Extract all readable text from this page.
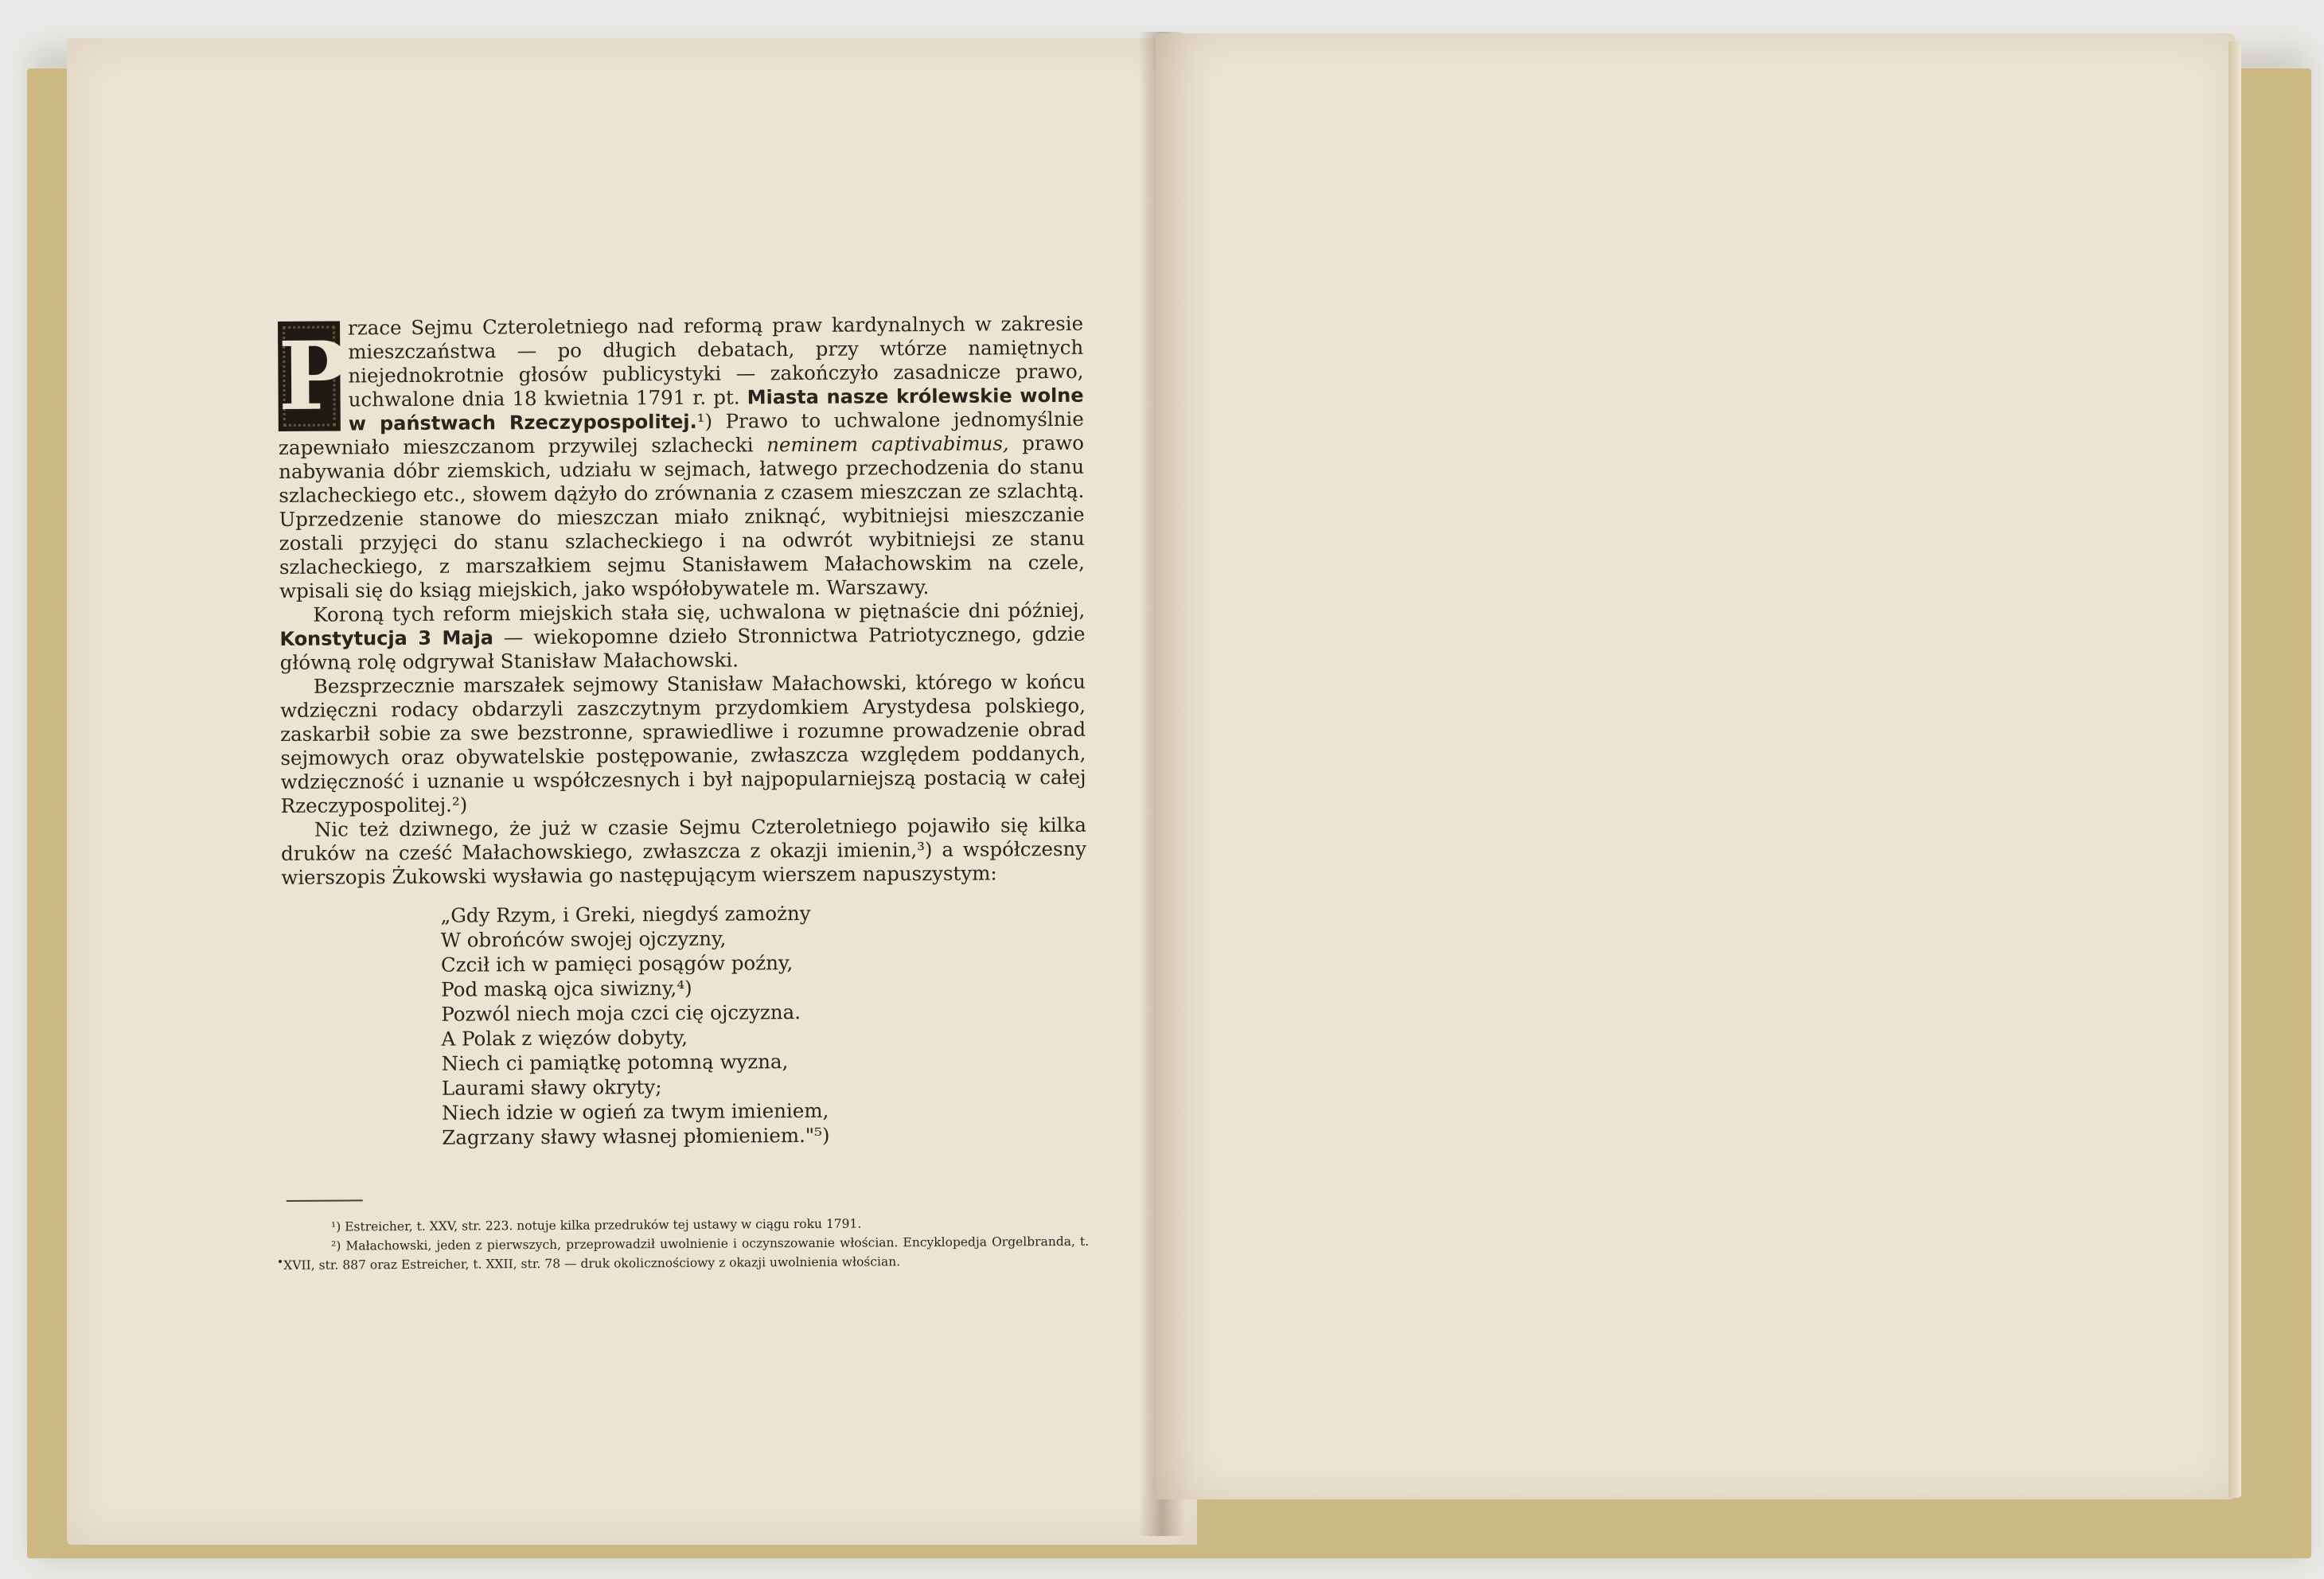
P
rzace Sejmu Czteroletniego nad reformą praw kardynalnych w zakresie mieszczaństwa — po długich debatach, przy wtórze namiętnych niejednokrotnie głosów publicystyki — zakończyło zasadnicze prawo, uchwalone dnia 18 kwietnia 1791 r. pt. Miasta nasze królewskie wolne w państwach Rzeczypospolitej.¹) Prawo to uchwalone jednomyślnie zapewniało mieszczanom przywilej szlachecki neminem captivabimus, prawo nabywania dóbr ziemskich, udziału w sejmach, łatwego przechodzenia do stanu szlacheckiego etc., słowem dążyło do zrównania z czasem mieszczan ze szlachtą. Uprzedzenie stanowe do mieszczan miało zniknąć, wybitniejsi mieszczanie zostali przyjęci do stanu szlacheckiego i na odwrót wybitniejsi ze stanu szlacheckiego, z marszałkiem sejmu Stanisławem Małachowskim na czele, wpisali się do ksiąg miejskich, jako współobywatele m. Warszawy.

Koroną tych reform miejskich stała się, uchwalona w piętnaście dni później, Konstytucja 3 Maja — wiekopomne dzieło Stronnictwa Patriotycznego, gdzie główną rolę odgrywał Stanisław Małachowski.

Bezsprzecznie marszałek sejmowy Stanisław Małachowski, którego w końcu wdzięczni rodacy obdarzyli zaszczytnym przydomkiem Arystydesa polskiego, zaskarbił sobie za swe bezstronne, sprawiedliwe i rozumne prowadzenie obrad sejmowych oraz obywatelskie postępowanie, zwłaszcza względem poddanych, wdzięczność i uznanie u współczesnych i był najpopularniejszą postacią w całej Rzeczypospolitej.²)

Nic też dziwnego, że już w czasie Sejmu Czteroletniego pojawiło się kilka druków na cześć Małachowskiego, zwłaszcza z okazji imienin,³) a współczesny wierszopis Żukowski wysławia go następującym wierszem napuszystym:

„Gdy Rzym, i Greki, niegdyś zamożny
W obrońców swojej ojczyzny,
Czcił ich w pamięci posągów poźny,
Pod maską ojca siwizny,⁴)
Pozwól niech moja czci cię ojczyzna.
A Polak z więzów dobyty,
Niech ci pamiątkę potomną wyzna,
Laurami sławy okryty;
Niech idzie w ogień za twym imieniem,
Zagrzany sławy własnej płomieniem."⁵)
¹) Estreicher, t. XXV, str. 223. notuje kilka przedruków tej ustawy w ciągu roku 1791.
²) Małachowski, jeden z pierwszych, przeprowadził uwolnienie i oczynszowanie włościan. Encyklopedja Orgelbranda, t. XVII, str. 887 oraz Estreicher, t. XXII, str. 78 — druk okolicznościowy z okazji uwolnienia włościan.
